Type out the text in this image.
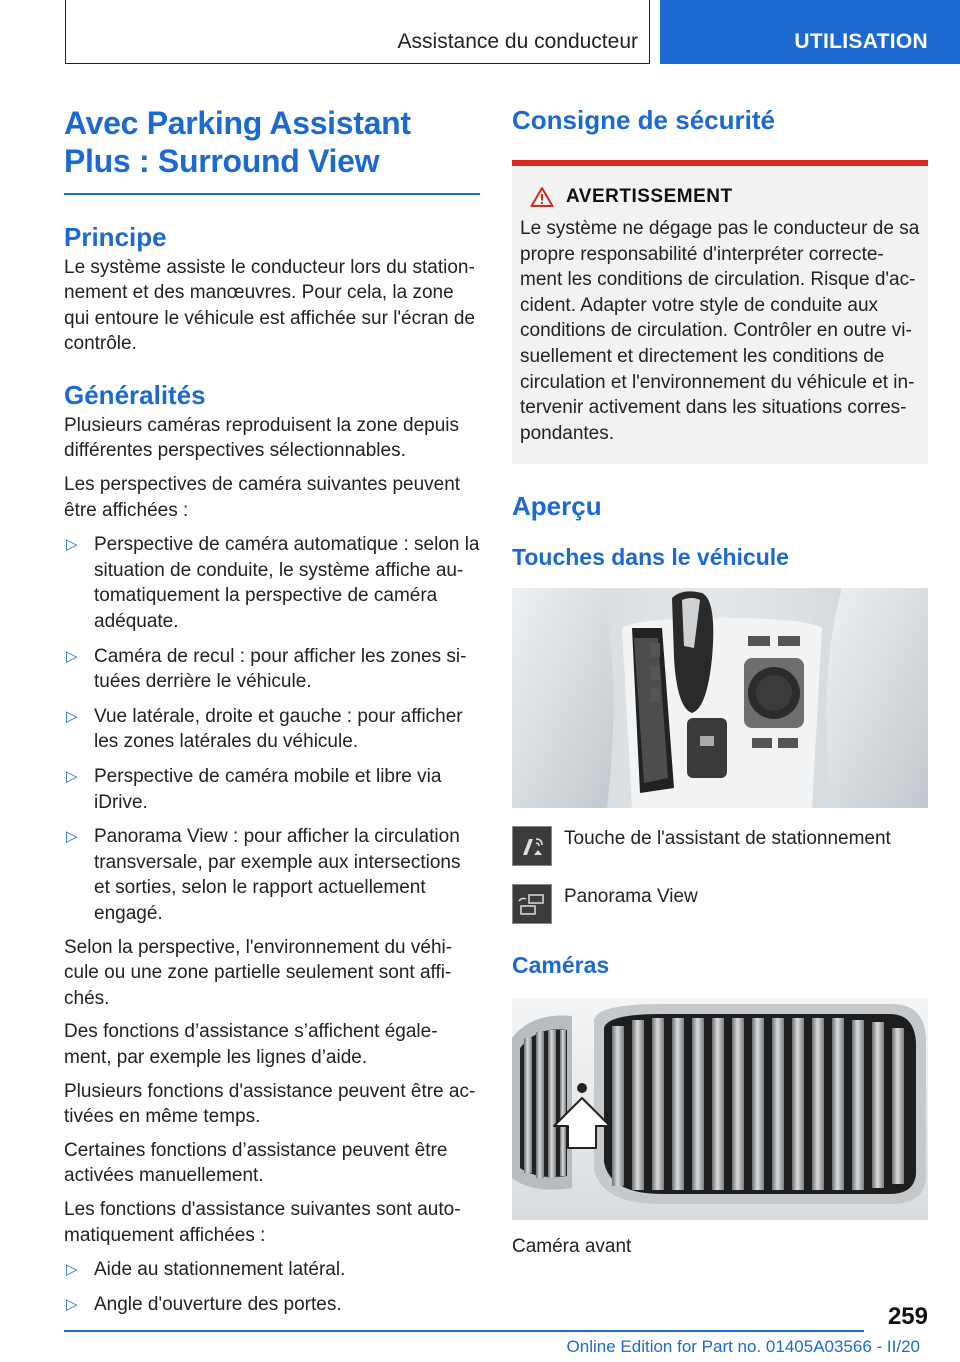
Assistance du conducteur	UTILISATION
Avec Parking Assistant Plus : Surround View
Principe

Le système assiste le conducteur lors du station-nement et des manœuvres. Pour cela, la zone qui entoure le véhicule est affichée sur l'écran de contrôle.

Généralités

Plusieurs caméras reproduisent la zone depuis différentes perspectives sélectionnables.

Les perspectives de caméra suivantes peuvent être affichées :

▷ Perspective de caméra automatique : selon la situation de conduite, le système affiche au-tomatiquement la perspective de caméra adéquate.
▷ Caméra de recul : pour afficher les zones si-tuées derrière le véhicule.
▷ Vue latérale, droite et gauche : pour afficher les zones latérales du véhicule.
▷ Perspective de caméra mobile et libre via iDrive.
▷ Panorama View : pour afficher la circulation transversale, par exemple aux intersections et sorties, selon le rapport actuellement engagé.

Selon la perspective, l'environnement du véhi-cule ou une zone partielle seulement sont affi-chés.

Des fonctions d’assistance s’affichent égale-ment, par exemple les lignes d’aide.

Plusieurs fonctions d'assistance peuvent être ac-tivées en même temps.

Certaines fonctions d’assistance peuvent être activées manuellement.

Les fonctions d'assistance suivantes sont auto-matiquement affichées :

▷ Aide au stationnement latéral.
▷ Angle d'ouverture des portes.
Consigne de sécurité
AVERTISSEMENT

Le système ne dégage pas le conducteur de sa propre responsabilité d'interpréter correcte-ment les conditions de circulation. Risque d'ac-cident. Adapter votre style de conduite aux conditions de circulation. Contrôler en outre vi-suellement et directement les conditions de circulation et l'environnement du véhicule et in-tervenir activement dans les situations corres-pondantes.

Aperçu
Touches dans le véhicule

Touche de l'assistant de stationnement

Panorama View

Caméras

Caméra avant

259
Online Edition for Part no. 01405A03566 - II/20
